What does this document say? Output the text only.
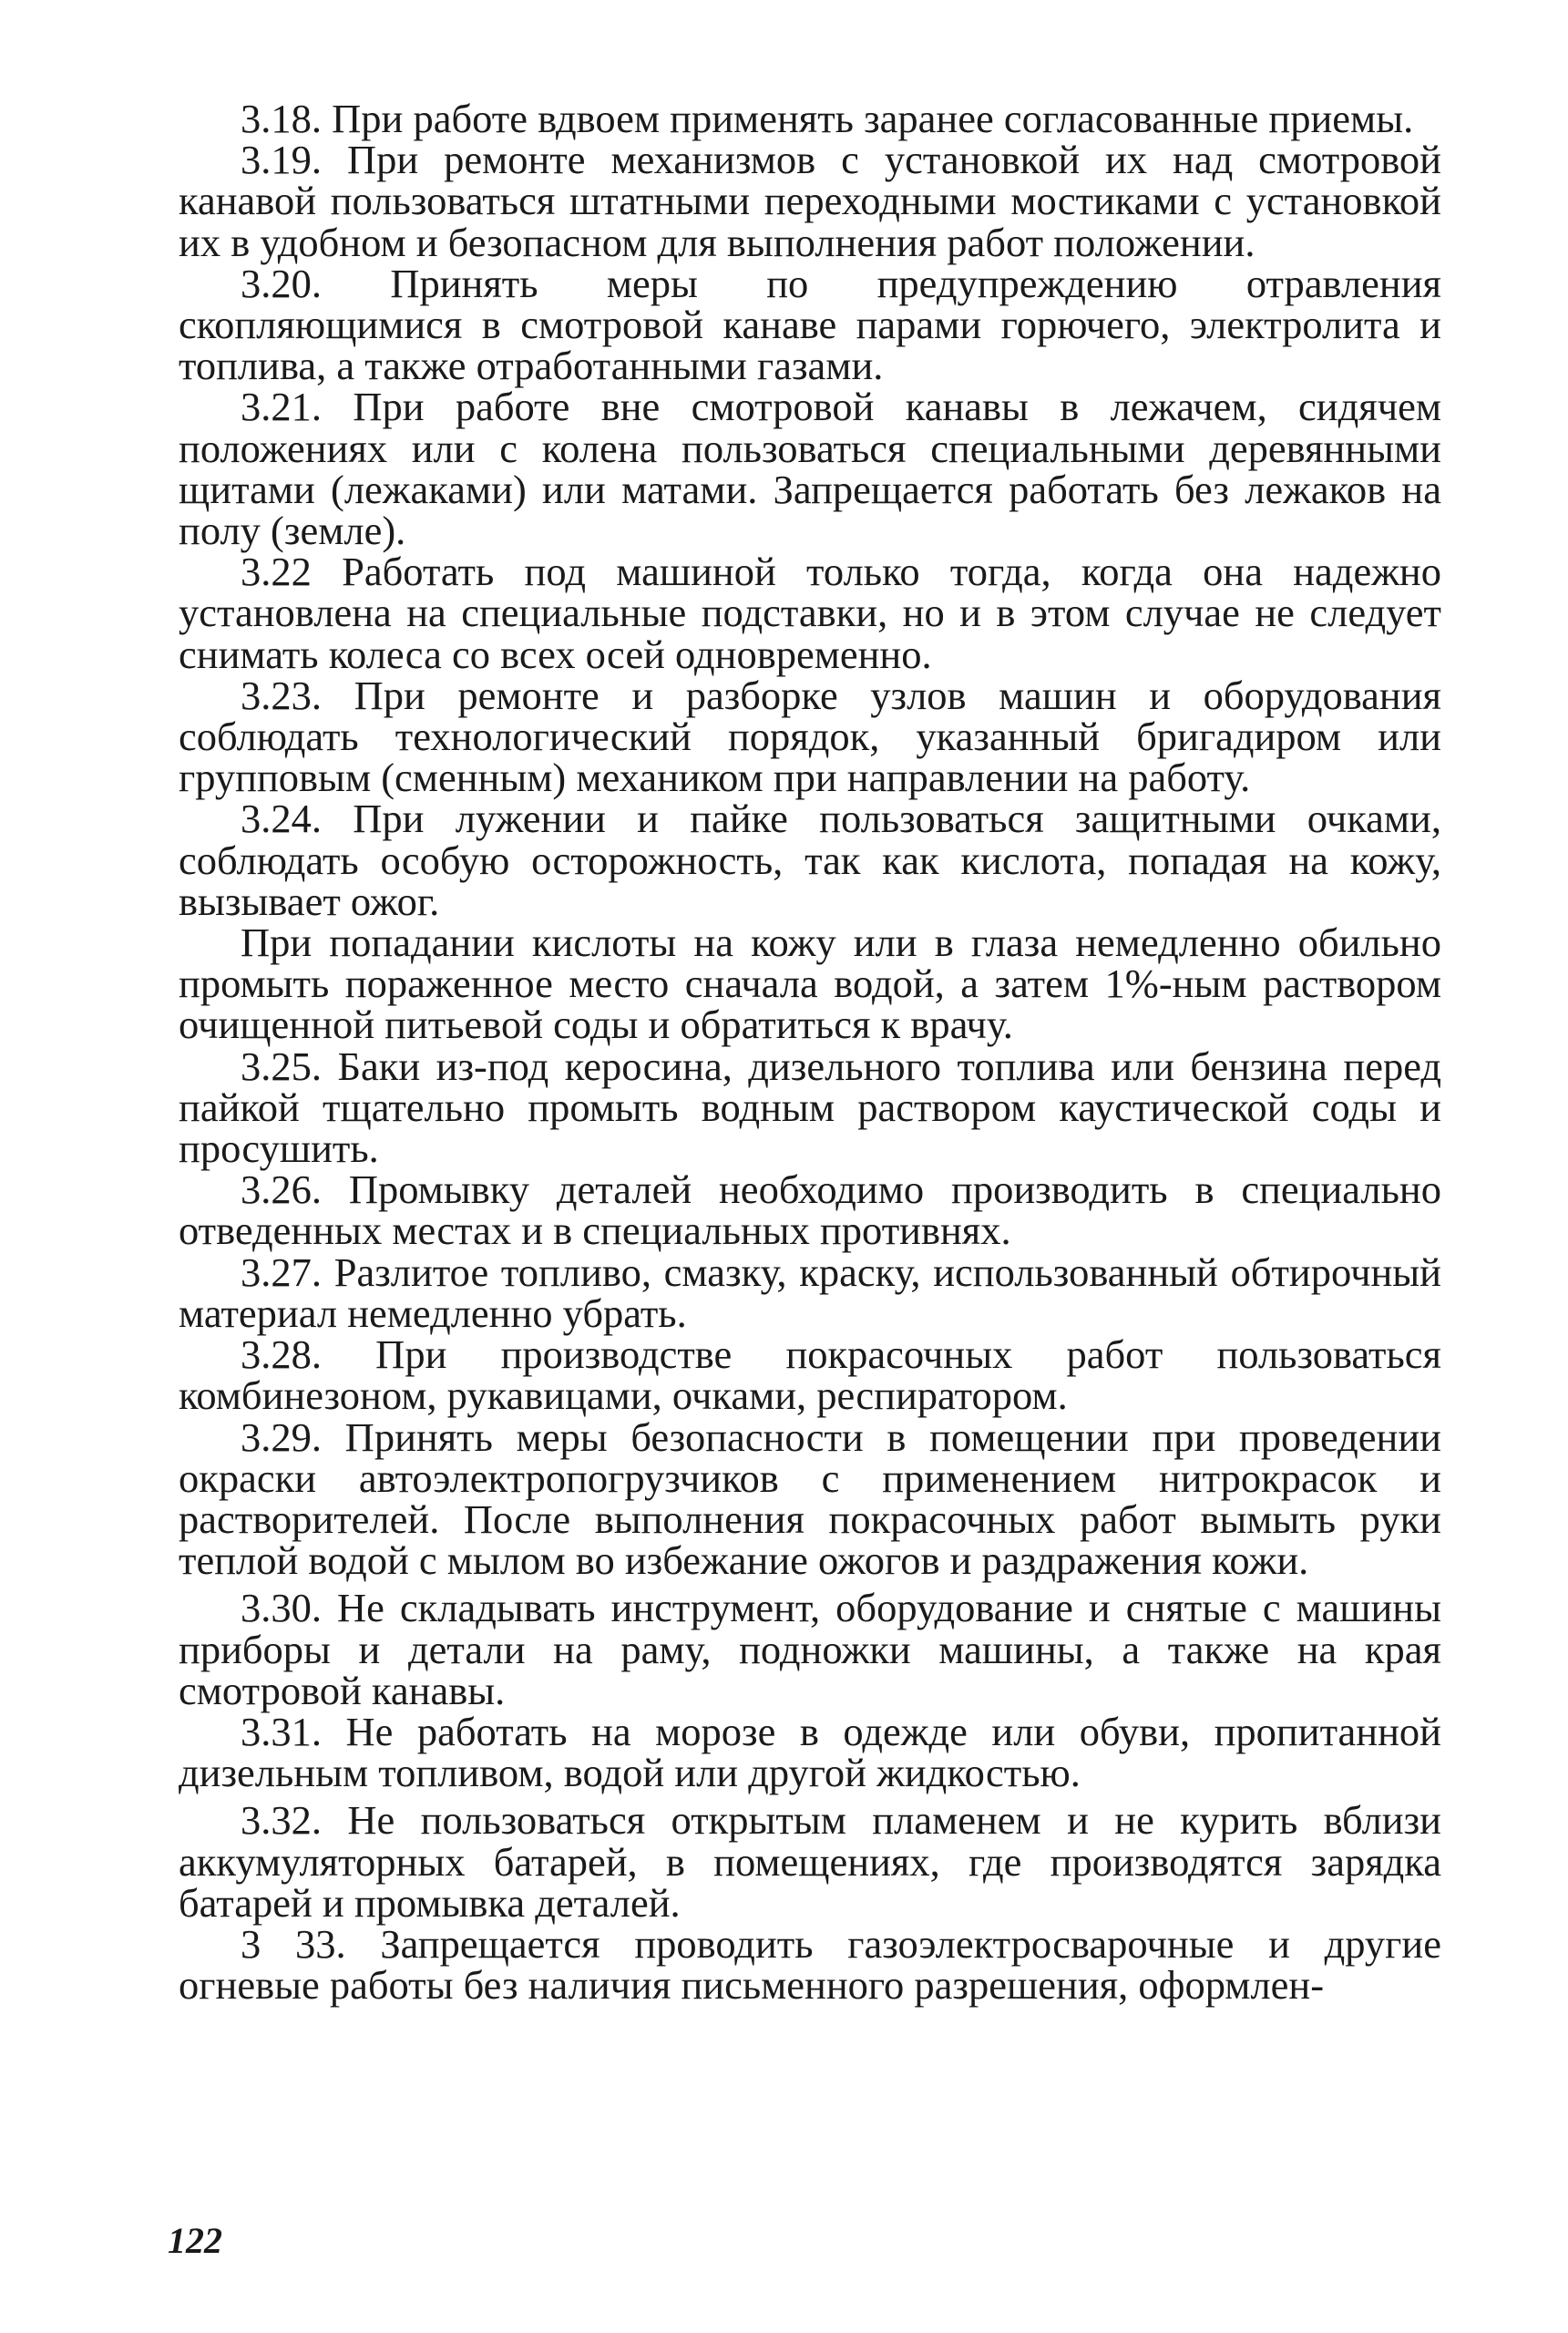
3.18. При работе вдвоем применять заранее согласованные приемы.

3.19. При ремонте механизмов с установкой их над смотровой канавой пользоваться штатными переходными мостиками с установкой их в удобном и безопасном для выполнения работ положении.

3.20. Принять меры по предупреждению отравления скопляющимися в смотровой канаве парами горючего, электролита и топлива, а также отработанными газами.

3.21. При работе вне смотровой канавы в лежачем, сидячем положениях или с колена пользоваться специальными деревянными щитами (лежаками) или матами. Запрещается работать без лежаков на полу (земле).

3.22 Работать под машиной только тогда, когда она надежно установлена на специальные подставки, но и в этом случае не следует снимать колеса со всех осей одновременно.

3.23. При ремонте и разборке узлов машин и оборудования соблюдать технологический порядок, указанный бригадиром или групповым (сменным) механиком при направлении на работу.

3.24. При лужении и пайке пользоваться защитными очками, соблюдать особую осторожность, так как кислота, попадая на кожу, вызывает ожог.

При попадании кислоты на кожу или в глаза немедленно обильно промыть пораженное место сначала водой, а затем 1%-ным раствором очищенной питьевой соды и обратиться к врачу.

3.25. Баки из-под керосина, дизельного топлива или бензина перед пайкой тщательно промыть водным раствором каустической соды и просушить.

3.26. Промывку деталей необходимо производить в специально отведенных местах и в специальных противнях.

3.27. Разлитое топливо, смазку, краску, использованный обтирочный материал немедленно убрать.

3.28. При производстве покрасочных работ пользоваться комбинезоном, рукавицами, очками, респиратором.

3.29. Принять меры безопасности в помещении при проведении окраски автоэлектропогрузчиков с применением нитрокрасок и растворителей. После выполнения покрасочных работ вымыть руки теплой водой с мылом во избежание ожогов и раздражения кожи.

3.30. Не складывать инструмент, оборудование и снятые с машины приборы и детали на раму, подножки машины, а также на края смотровой канавы.

3.31. Не работать на морозе в одежде или обуви, пропитанной дизельным топливом, водой или другой жидкостью.

3.32. Не пользоваться открытым пламенем и не курить вблизи аккумуляторных батарей, в помещениях, где производятся зарядка батарей и промывка деталей.

3 33. Запрещается проводить газоэлектросварочные и другие огневые работы без наличия письменного разрешения, оформлен-

122
